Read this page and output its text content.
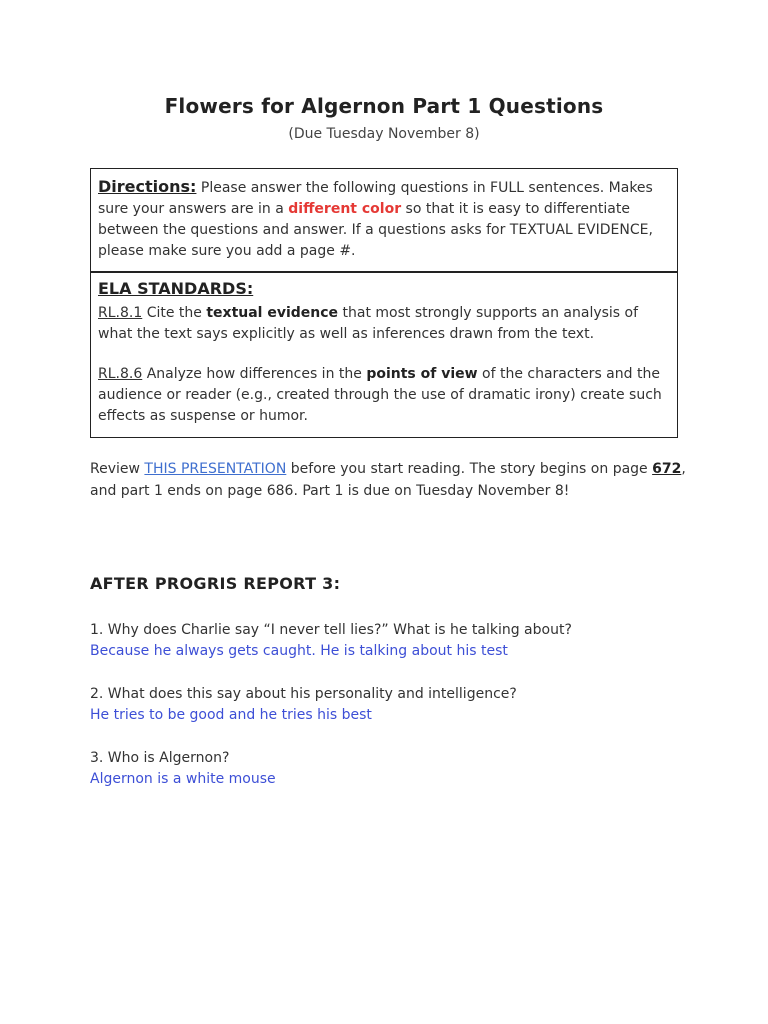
Flowers for Algernon Part 1 Questions
(Due Tuesday November 8)
Directions: Please answer the following questions in FULL sentences. Makes sure your answers are in a different color so that it is easy to differentiate between the questions and answer. If a questions asks for TEXTUAL EVIDENCE, please make sure you add a page #.
ELA STANDARDS:

RL.8.1 Cite the textual evidence that most strongly supports an analysis of what the text says explicitly as well as inferences drawn from the text.

RL.8.6 Analyze how differences in the points of view of the characters and the audience or reader (e.g., created through the use of dramatic irony) create such effects as suspense or humor.

Review THIS PRESENTATION before you start reading. The story begins on page 672, and part 1 ends on page 686. Part 1 is due on Tuesday November 8!
AFTER PROGRIS REPORT 3:
1. Why does Charlie say “I never tell lies?” What is he talking about?
Because he always gets caught. He is talking about his test
2. What does this say about his personality and intelligence?
He tries to be good and he tries his best
3. Who is Algernon?
Algernon is a white mouse
